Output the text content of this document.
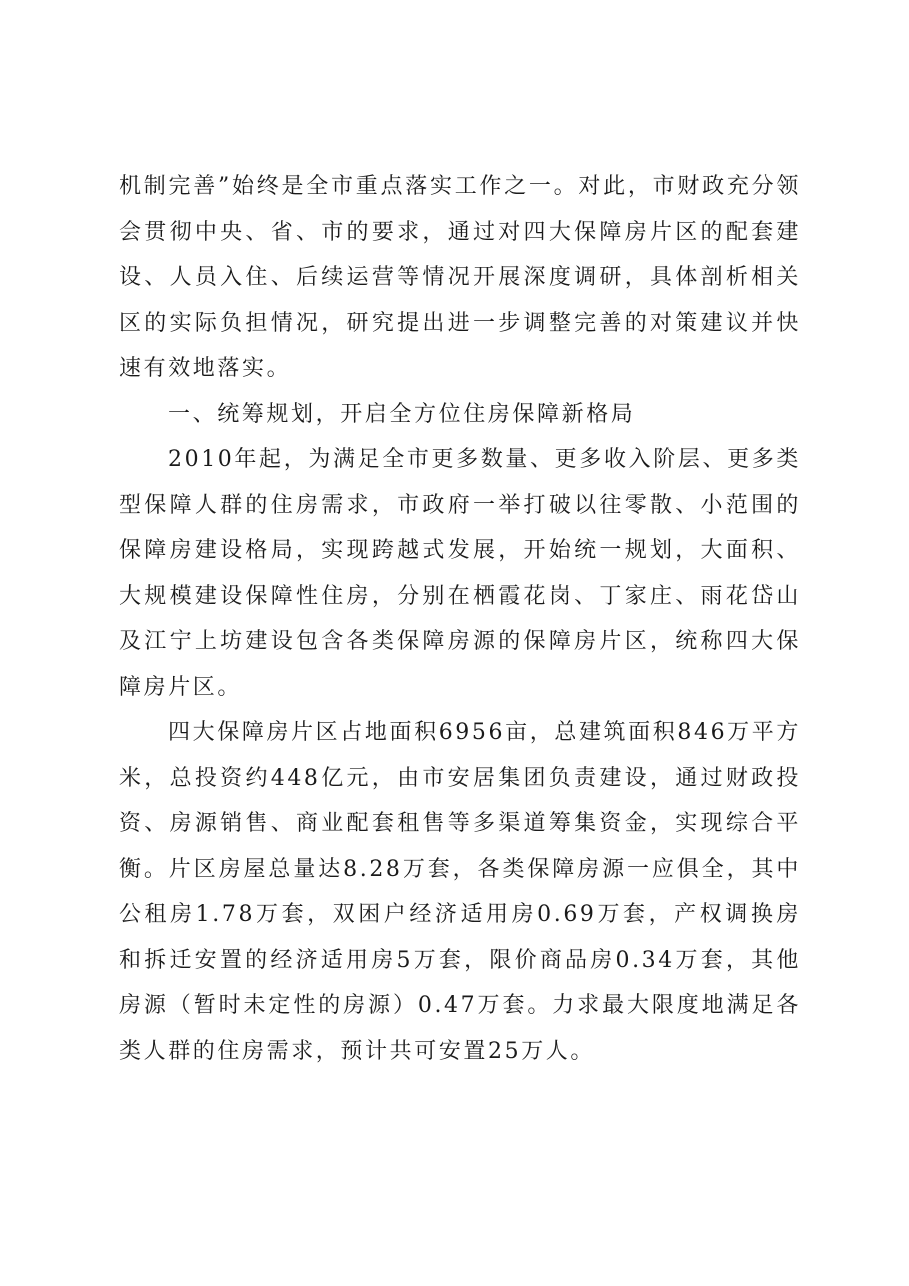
机制完善”始终是全市重点落实工作之一。对此，市财政充分领会贯彻中央、省、市的要求，通过对四大保障房片区的配套建设、人员入住、后续运营等情况开展深度调研，具体剖析相关区的实际负担情况，研究提出进一步调整完善的对策建议并快速有效地落实。

一、统筹规划，开启全方位住房保障新格局

2010年起，为满足全市更多数量、更多收入阶层、更多类型保障人群的住房需求，市政府一举打破以往零散、小范围的保障房建设格局，实现跨越式发展，开始统一规划，大面积、大规模建设保障性住房，分别在栖霞花岗、丁家庄、雨花岱山及江宁上坊建设包含各类保障房源的保障房片区，统称四大保障房片区。

四大保障房片区占地面积6956亩，总建筑面积846万平方米，总投资约448亿元，由市安居集团负责建设，通过财政投资、房源销售、商业配套租售等多渠道筹集资金，实现综合平衡。片区房屋总量达8.28万套，各类保障房源一应俱全，其中公租房1.78万套，双困户经济适用房0.69万套，产权调换房和拆迁安置的经济适用房5万套，限价商品房0.34万套，其他房源（暂时未定性的房源）0.47万套。力求最大限度地满足各类人群的住房需求，预计共可安置25万人。
